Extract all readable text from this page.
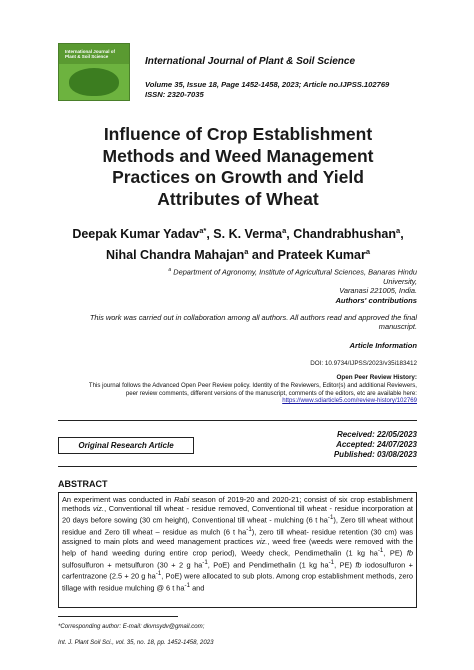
International Journal of Plant & Soil Science	International Journal of Plant & Soil Science
Volume 35, Issue 18, Page 1452-1458, 2023; Article no.IJPSS.102769
ISSN: 2320-7035
Influence of Crop Establishment
Methods and Weed Management
Practices on Growth and Yield
Attributes of Wheat
Deepak Kumar Yadav$^{a*}$, S. K. Verma$^a$, Chandrabhushan$^a$,
Nihal Chandra Mahajan$^a$ and Prateek Kumar$^a$
$^a$ Department of Agronomy, Institute of Agricultural Sciences, Banaras Hindu University,
Varanasi 221005, India.
Authors' contributions
This work was carried out in collaboration among all authors. All authors read and approved the final
manuscript.
Article Information
DOI: 10.9734/IJPSS/2023/v35i183412
Open Peer Review History:
This journal follows the Advanced Open Peer Review policy. Identity of the Reviewers, Editor(s) and additional Reviewers,
peer review comments, different versions of the manuscript, comments of the editors, etc are available here:
https://www.sdiarticle5.com/review-history/102769
Original Research Article
Received: 22/05/2023
Accepted: 24/07/2023
Published: 03/08/2023
ABSTRACT

An experiment was conducted in Rabi season of 2019-20 and 2020-21; consist of six crop establishment methods viz., Conventional till wheat - residue removed, Conventional till wheat - residue incorporation at 20 days before sowing (30 cm height), Conventional till wheat - mulching (6 t $ha^{-1}$), Zero till wheat without residue and Zero till wheat – residue as mulch (6 t $ha^{-1}$), zero till wheat- residue retention (30 cm) was assigned to main plots and weed management practices viz., weed free (weeds were removed with the help of hand weeding during entire crop period), Weedy check, Pendimethalin (1 kg $ha^{-1}$, PE) fb sulfosulfuron + metsulfuron (30 + 2 g $ha^{-1}$, PoE) and Pendimethalin (1 kg $ha^{-1}$, PE) fb iodosulfuron + carfentrazone (2.5 + 20 g $ha^{-1}$, PoE) were allocated to sub plots. Among crop establishment methods, zero tillage with residue mulching @ 6 t $ha^{-1}$ and

*Corresponding author: E-mail: dkvnsydv@gmail.com;
Int. J. Plant Soil Sci., vol. 35, no. 18, pp. 1452-1458, 2023
